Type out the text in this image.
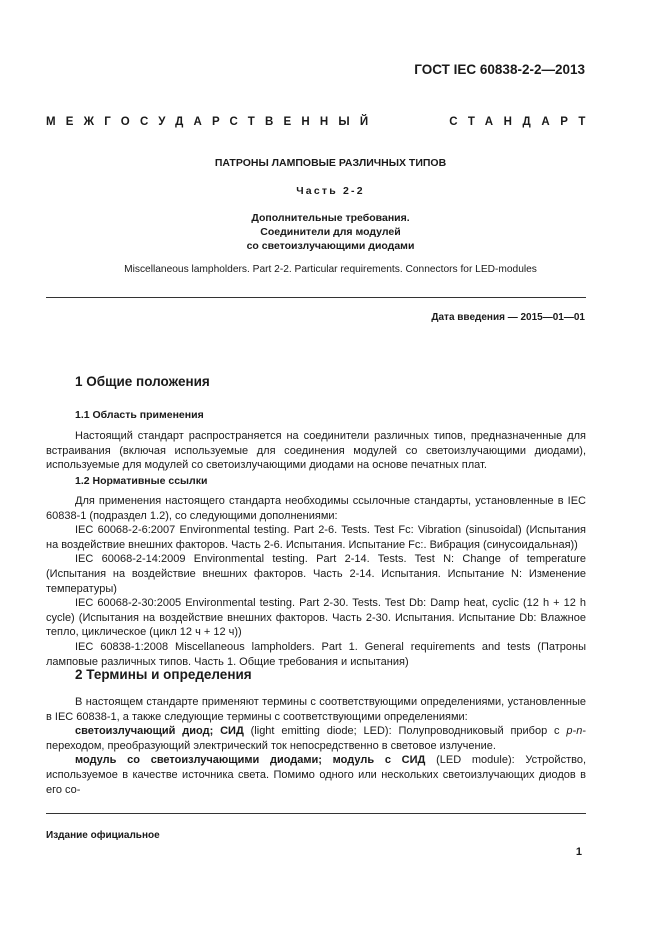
ГОСТ IEC 60838-2-2—2013
МЕЖГОСУДАРСТВЕННЫЙ	СТАНДАРТ
ПАТРОНЫ ЛАМПОВЫЕ РАЗЛИЧНЫХ ТИПОВ
Часть 2-2
Дополнительные требования.
Соединители для модулей
со светоизлучающими диодами
Miscellaneous lampholders. Part 2-2. Particular requirements. Connectors for LED-modules
Дата введения — 2015—01—01
1 Общие положения
1.1 Область применения

Настоящий стандарт распространяется на соединители различных типов, предназначенные для встраивания (включая используемые для соединения модулей со светоизлучающими диодами), используемые для модулей со светоизлучающими диодами на основе печатных плат.

1.2 Нормативные ссылки

Для применения настоящего стандарта необходимы ссылочные стандарты, установленные в IEC 60838-1 (подраздел 1.2), со следующими дополнениями:

IEC 60068-2-6:2007 Environmental testing. Part 2-6. Tests. Test Fc: Vibration (sinusoidal) (Испытания на воздействие внешних факторов. Часть 2-6. Испытания. Испытание Fc:. Вибрация (синусоидальная))

IEC 60068-2-14:2009 Environmental testing. Part 2-14. Tests. Test N: Change of temperature (Испытания на воздействие внешних факторов. Часть 2-14. Испытания. Испытание N: Изменение температуры)

IEC 60068-2-30:2005 Environmental testing. Part 2-30. Tests. Test Db: Damp heat, cyclic (12 h + 12 h cycle) (Испытания на воздействие внешних факторов. Часть 2-30. Испытания. Испытание Db: Влажное тепло, циклическое (цикл 12 ч + 12 ч))

IEC 60838-1:2008 Miscellaneous lampholders. Part 1. General requirements and tests (Патроны ламповые различных типов. Часть 1. Общие требования и испытания)

2 Термины и определения

В настоящем стандарте применяют термины с соответствующими определениями, установленные в IEC 60838-1, а также следующие термины с соответствующими определениями:

светоизлучающий диод; СИД (light emitting diode; LED): Полупроводниковый прибор с p-n-переходом, преобразующий электрический ток непосредственно в световое излучение.

модуль со светоизлучающими диодами; модуль с СИД (LED module): Устройство, используемое в качестве источника света. Помимо одного или нескольких светоизлучающих диодов в его со-

Издание официальное
1
